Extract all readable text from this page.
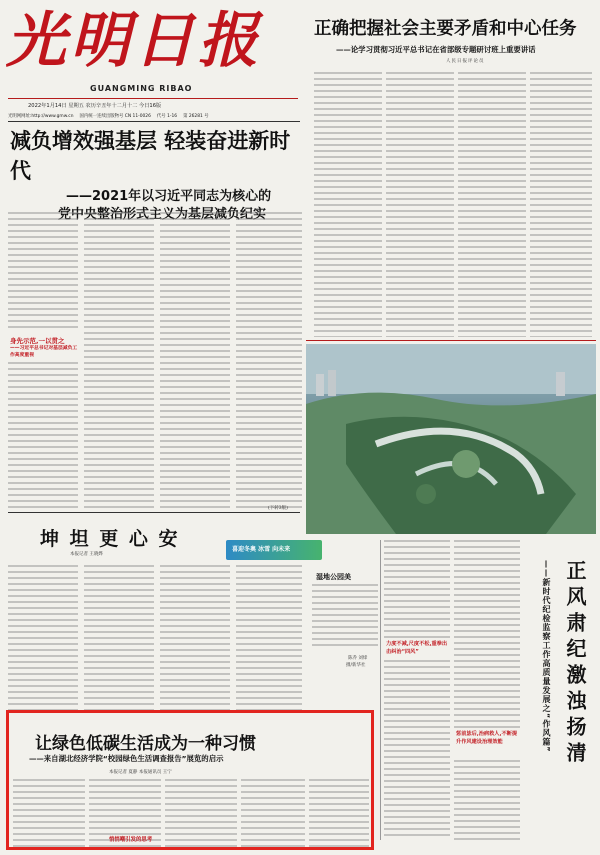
光明日报
GUANGMING RIBAO
2022年1月14日 星期五 农历辛丑年十二月十二 今日16版
光明网网址:http://www.gmw.cn 国内统一连续出版物号 CN 11-0026 代号 1-16 第 26281 号
正确把握社会主要矛盾和中心任务
——论学习贯彻习近平总书记在省部级专题研讨班上重要讲话
人民日报评论员
减负增效强基层 轻装奋进新时代
——2021年以习近平同志为核心的
党中央整治形式主义为基层减负纪实
身先示范,一以贯之
——习近平总书记对基层减负工作高度重视
(下转3版)
坤 坦 更 心 安
本报记者 王晓烨
喜迎冬奥 冰雪 向未来
湿地公园美
陈乔 刘烽
摄/新华社
力度不减,尺度不松,重拳出击纠治“四风”
惩前毖后,治病救人,不断提升作风建设治理效能	正风肃纪激浊扬清
——新时代纪检监察工作高质量发展之“作风篇”
让绿色低碳生活成为一种习惯
——来自湖北经济学院“校园绿色生活调查报告”展览的启示
本报记者 夏静 本报通讯员 王宁
悄悄嘲引发的思考
